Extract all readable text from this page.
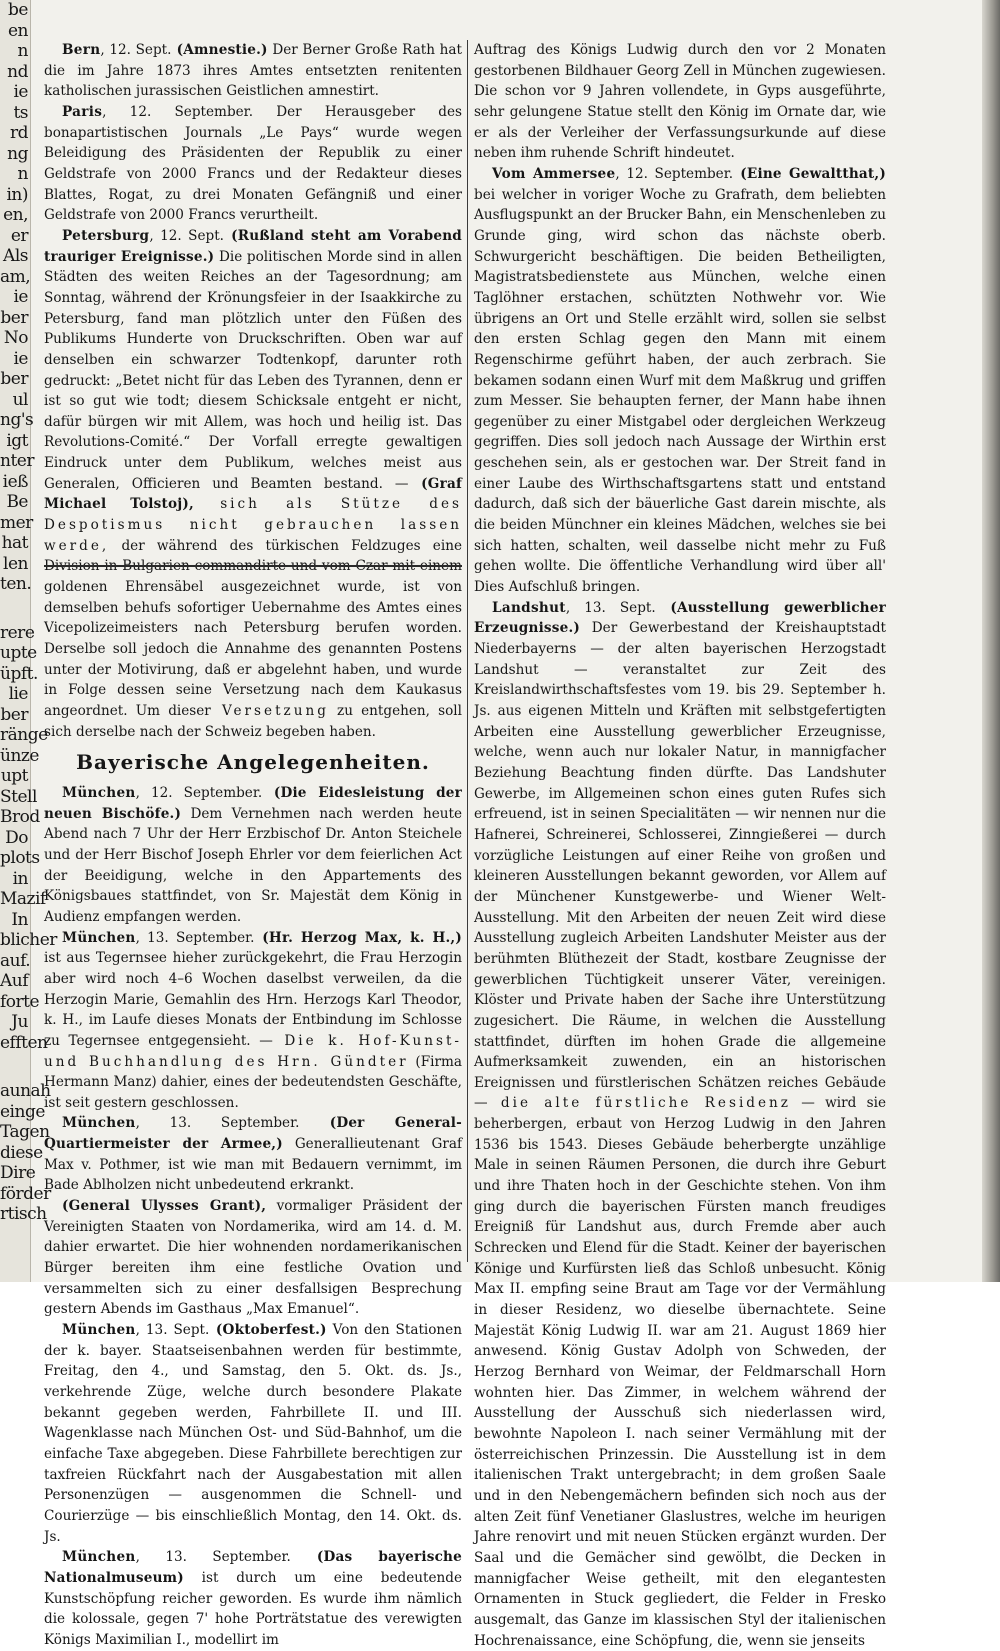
be
en
n
nd
ie
ts
rd
ng
n
in)
en,
er
Als
am,
ie
ber
No
ie
ber
ul
ng's
igt
nter
ieß
Be
mer
hat
len
ten.
rere
upte
üpft.
lie
ber
ränge
ünze
upt
Stell
Brod
Do
plots
in
Mazif
In
blicher
auf.
Auf
forte
Ju
efften
aunah
einge
Tagen
diese
Dire
förder
rtisch
Bern, 12. Sept. (Amnestie.) Der Berner Große Rath hat die im Jahre 1873 ihres Amtes entsetzten renitenten katholischen jurassischen Geistlichen amnestirt.
Paris, 12. September. Der Herausgeber des bonapartistischen Journals „Le Pays“ wurde wegen Beleidigung des Präsidenten der Republik zu einer Geldstrafe von 2000 Francs und der Redakteur dieses Blattes, Rogat, zu drei Monaten Gefängniß und einer Geldstrafe von 2000 Francs verurtheilt.
Petersburg, 12. Sept. (Rußland steht am Vorabend trauriger Ereignisse.) Die politischen Morde sind in allen Städten des weiten Reiches an der Tagesordnung; am Sonntag, während der Krönungsfeier in der Isaakkirche zu Petersburg, fand man plötzlich unter den Füßen des Publikums Hunderte von Druckschriften. Oben war auf denselben ein schwarzer Todtenkopf, darunter roth gedruckt: „Betet nicht für das Leben des Tyrannen, denn er ist so gut wie todt; diesem Schicksale entgeht er nicht, dafür bürgen wir mit Allem, was hoch und heilig ist. Das Revolutions-Comité.“ Der Vorfall erregte gewaltigen Eindruck unter dem Publikum, welches meist aus Generalen, Officieren und Beamten bestand. — (Graf Michael Tolstoj), sich als Stütze des Despotismus nicht gebrauchen lassen werde, der während des türkischen Feldzuges eine goldenen Ehrensäbel ausgezeichnet wurde, ist von demselben behufs sofortiger Uebernahme des Amtes eines Vicepolizeimeisters nach Petersburg berufen worden. Derselbe soll jedoch die Annahme des genannten Postens unter der Motivirung, daß er abgelehnt haben, und wurde in Folge dessen seine Versetzung nach dem Kaukasus angeordnet. Um dieser Versetzung zu entgehen, soll sich derselbe nach der Schweiz begeben haben.
Bayerische Angelegenheiten.
München, 12. September. (Die Eidesleistung der neuen Bischöfe.) Dem Vernehmen nach werden heute Abend nach 7 Uhr der Herr Erzbischof Dr. Anton Steichele und der Herr Bischof Joseph Ehrler vor dem feierlichen Act der Beeidigung, welche in den Appartements des Königsbaues stattfindet, von Sr. Majestät dem König in Audienz empfangen werden.
München, 13. September. (Hr. Herzog Max, k. H.,) ist aus Tegernsee hieher zurückgekehrt, die Frau Herzogin aber wird noch 4–6 Wochen daselbst verweilen, da die Herzogin Marie, Gemahlin des Hrn. Herzogs Karl Theodor, k. H., im Laufe dieses Monats der Entbindung im Schlosse zu Tegernsee entgegensieht. — Die k. Hof-Kunst- und Buchhandlung des Hrn. Gündter (Firma Hermann Manz) dahier, eines der bedeutendsten Geschäfte, ist seit gestern geschlossen.
München, 13. September. (Der General-Quartiermeister der Armee,) Generallieutenant Graf Max v. Pothmer, ist wie man mit Bedauern vernimmt, im Bade Ablholzen nicht unbedeutend erkrankt.
(General Ulysses Grant), vormaliger Präsident der Vereinigten Staaten von Nordamerika, wird am 14. d. M. dahier erwartet. Die hier wohnenden nordamerikanischen Bürger bereiten ihm eine festliche Ovation und versammelten sich zu einer desfallsigen Besprechung gestern Abends im Gasthaus „Max Emanuel“.
München, 13. Sept. (Oktoberfest.) Von den Stationen der k. bayer. Staatseisenbahnen werden für bestimmte, Freitag, den 4., und Samstag, den 5. Okt. ds. Js., verkehrende Züge, welche durch besondere Plakate bekannt gegeben werden, Fahrbillete II. und III. Wagenklasse nach München Ost- und Süd-Bahnhof, um die einfache Taxe abgegeben. Diese Fahrbillete berechtigen zur taxfreien Rückfahrt nach der Ausgabestation mit allen Personenzügen — ausgenommen die Schnell- und Courierzüge — bis einschließlich Montag, den 14. Okt. ds. Js.
München, 13. September. (Das bayerische Nationalmuseum) ist durch um eine bedeutende Kunstschöpfung reicher geworden. Es wurde ihm nämlich die kolossale, gegen 7' hohe Porträtstatue des verewigten Königs Maximilian I., modellirt im
Auftrag des Königs Ludwig durch den vor 2 Monaten gestorbenen Bildhauer Georg Zell in München zugewiesen. Die schon vor 9 Jahren vollendete, in Gyps ausgeführte, sehr gelungene Statue stellt den König im Ornate dar, wie er als der Verleiher der Verfassungsurkunde auf diese neben ihm ruhende Schrift hindeutet.
Vom Ammersee, 12. September. (Eine Gewaltthat,) bei welcher in voriger Woche zu Grafrath, dem beliebten Ausflugspunkt an der Brucker Bahn, ein Menschenleben zu Grunde ging, wird schon das nächste oberb. Schwurgericht beschäftigen. Die beiden Betheiligten, Magistratsbedienstete aus München, welche einen Taglöhner erstachen, schützten Nothwehr vor. Wie übrigens an Ort und Stelle erzählt wird, sollen sie selbst den ersten Schlag gegen den Mann mit einem Regenschirme geführt haben, der auch zerbrach. Sie bekamen sodann einen Wurf mit dem Maßkrug und griffen zum Messer. Sie behaupten ferner, der Mann habe ihnen gegenüber zu einer Mistgabel oder dergleichen Werkzeug gegriffen. Dies soll jedoch nach Aussage der Wirthin erst geschehen sein, als er gestochen war. Der Streit fand in einer Laube des Wirthschaftsgartens statt und entstand dadurch, daß sich der bäuerliche Gast darein mischte, als die beiden Münchner ein kleines Mädchen, welches sie bei sich hatten, schalten, weil dasselbe nicht mehr zu Fuß gehen wollte. Die öffentliche Verhandlung wird über all' Dies Aufschluß bringen.
Landshut, 13. Sept. (Ausstellung gewerblicher Erzeugnisse.) Der Gewerbestand der Kreishauptstadt Niederbayerns — der alten bayerischen Herzogstadt Landshut — veranstaltet zur Zeit des Kreislandwirthschaftsfestes vom 19. bis 29. September h. Js. aus eigenen Mitteln und Kräften mit selbstgefertigten Arbeiten eine Ausstellung gewerblicher Erzeugnisse, welche, wenn auch nur lokaler Natur, in mannigfacher Beziehung Beachtung finden dürfte. Das Landshuter Gewerbe, im Allgemeinen schon eines guten Rufes sich erfreuend, ist in seinen Specialitäten — wir nennen nur die Hafnerei, Schreinerei, Schlosserei, Zinngießerei — durch vorzügliche Leistungen auf einer Reihe von großen und kleineren Ausstellungen bekannt geworden, vor Allem auf der Münchener Kunstgewerbe- und Wiener Welt-Ausstellung. Mit den Arbeiten der neuen Zeit wird diese Ausstellung zugleich Arbeiten Landshuter Meister aus der berühmten Blüthezeit der Stadt, kostbare Zeugnisse der gewerblichen Tüchtigkeit unserer Väter, vereinigen. Klöster und Private haben der Sache ihre Unterstützung zugesichert. Die Räume, in welchen die Ausstellung stattfindet, dürften im hohen Grade die allgemeine Aufmerksamkeit zuwenden, ein an historischen Ereignissen und fürstlerischen Schätzen reiches Gebäude — die alte fürstliche Residenz — wird sie beherbergen, erbaut von Herzog Ludwig in den Jahren 1536 bis 1543. Dieses Gebäude beherbergte unzählige Male in seinen Räumen Personen, die durch ihre Geburt und ihre Thaten hoch in der Geschichte stehen. Von ihm ging durch die bayerischen Fürsten manch freudiges Ereigniß für Landshut aus, durch Fremde aber auch Schrecken und Elend für die Stadt. Keiner der bayerischen Könige und Kurfürsten ließ das Schloß unbesucht. König Max II. empfing seine Braut am Tage vor der Vermählung in dieser Residenz, wo dieselbe übernachtete. Seine Majestät König Ludwig II. war am 21. August 1869 hier anwesend. König Gustav Adolph von Schweden, der Herzog Bernhard von Weimar, der Feldmarschall Horn wohnten hier. Das Zimmer, in welchem während der Ausstellung der Ausschuß sich niederlassen wird, bewohnte Napoleon I. nach seiner Vermählung mit der österreichischen Prinzessin. Die Ausstellung ist in dem italienischen Trakt untergebracht; in dem großen Saale und in den Nebengemächern befinden sich noch aus der alten Zeit fünf Venetianer Glaslustres, welche im heurigen Jahre renovirt und mit neuen Stücken ergänzt wurden. Der Saal und die Gemächer sind gewölbt, die Decken in mannigfacher Weise getheilt, mit den elegantesten Ornamenten in Stuck gegliedert, die Felder in Fresko ausgemalt, das Ganze im klassischen Styl der italienischen Hochrenaissance, eine Schöpfung, die, wenn sie jenseits
